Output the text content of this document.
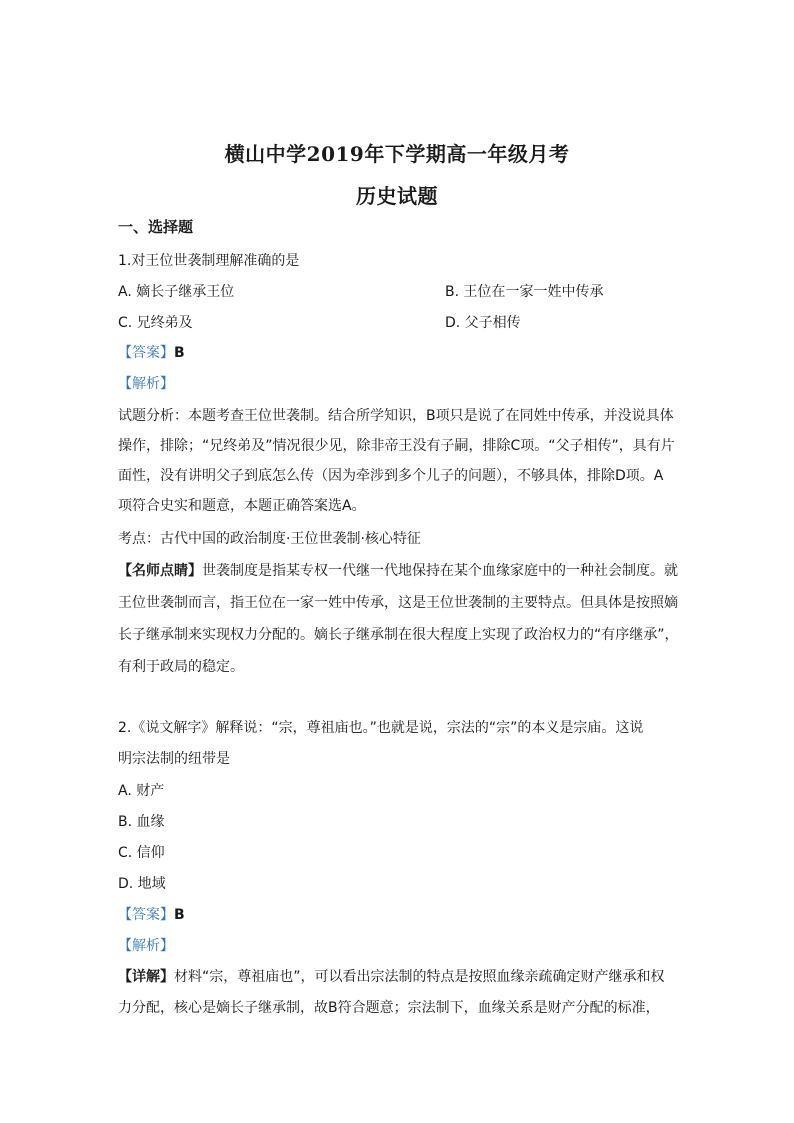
横山中学2019年下学期高一年级月考
历史试题
一、选择题
1.对王位世袭制理解准确的是
A. 嫡长子继承王位	B. 王位在一家一姓中传承
C. 兄终弟及	D. 父子相传
【答案】B
【解析】
试题分析：本题考查王位世袭制。结合所学知识，B项只是说了在同姓中传承，并没说具体
操作，排除；“兄终弟及”情况很少见，除非帝王没有子嗣，排除C项。“父子相传”，具有片
面性，没有讲明父子到底怎么传（因为牵涉到多个儿子的问题），不够具体，排除D项。A
项符合史实和题意，本题正确答案选A。
考点：古代中国的政治制度·王位世袭制·核心特征
【名师点睛】世袭制度是指某专权一代继一代地保持在某个血缘家庭中的一种社会制度。就
王位世袭制而言，指王位在一家一姓中传承，这是王位世袭制的主要特点。但具体是按照嫡
长子继承制来实现权力分配的。嫡长子继承制在很大程度上实现了政治权力的“有序继承”，
有利于政局的稳定。
2.《说文解字》解释说：“宗，尊祖庙也。”也就是说，宗法的“宗”的本义是宗庙。这说
明宗法制的纽带是
A. 财产
B. 血缘
C. 信仰
D. 地域
【答案】B
【解析】
【详解】材料“宗，尊祖庙也”，可以看出宗法制的特点是按照血缘亲疏确定财产继承和权
力分配，核心是嫡长子继承制，故B符合题意；宗法制下，血缘关系是财产分配的标准，
